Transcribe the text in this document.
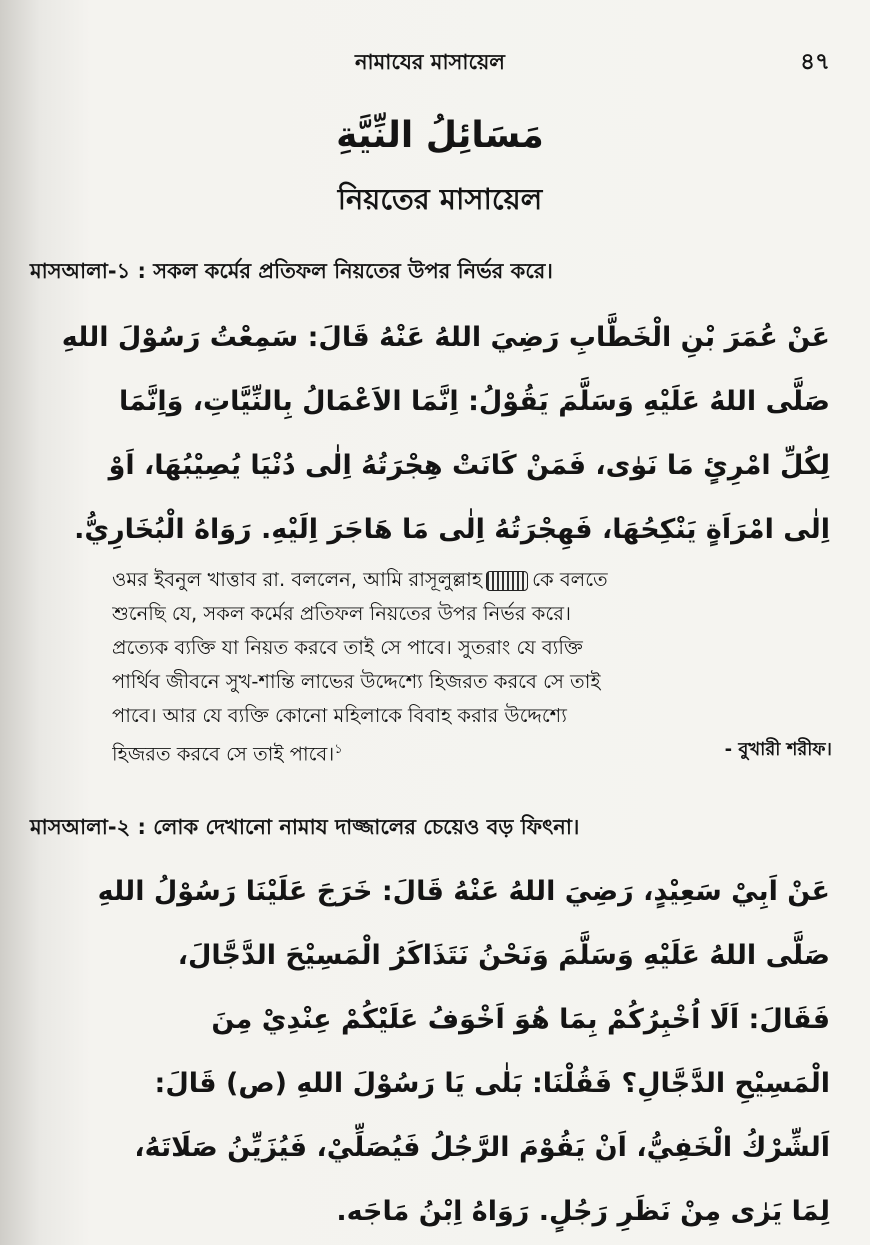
নামাযের মাসায়েল	৪৭
مَسَائِلُ النِّيَّةِ
নিয়তের মাসায়েল
মাসআলা-১ : সকল কর্মের প্রতিফল নিয়তের উপর নির্ভর করে।
عَنْ عُمَرَ بْنِ الْخَطَّابِ رَضِيَ اللهُ عَنْهُ قَالَ: سَمِعْتُ رَسُوْلَ اللهِ
صَلَّى اللهُ عَلَيْهِ وَسَلَّمَ يَقُوْلُ: اِنَّمَا الاَعْمَالُ بِالنِّيَّاتِ، وَاِنَّمَا
لِكُلِّ امْرِئٍ مَا نَوٰى، فَمَنْ كَانَتْ هِجْرَتُهُ اِلٰى دُنْيَا يُصِيْبُهَا، اَوْ
اِلٰى امْرَاَةٍ يَنْكِحُهَا، فَهِجْرَتُهُ اِلٰى مَا هَاجَرَ اِلَيْهِ. رَوَاهُ الْبُخَارِيُّ.
ওমর ইবনুল খাত্তাব রা. বললেন, আমি রাসূলুল্লাহ	কে বলতে
শুনেছি যে, সকল কর্মের প্রতিফল নিয়তের উপর নির্ভর করে।
প্রত্যেক ব্যক্তি যা নিয়ত করবে তাই সে পাবে। সুতরাং যে ব্যক্তি
পার্থিব জীবনে সুখ-শান্তি লাভের উদ্দেশ্যে হিজরত করবে সে তাই
পাবে। আর যে ব্যক্তি কোনো মহিলাকে বিবাহ করার উদ্দেশ্যে
হিজরত করবে সে তাই পাবে।$^১$	- বুখারী শরীফ।
মাসআলা-২ : লোক দেখানো নামায দাজ্জালের চেয়েও বড় ফিৎনা।
عَنْ اَبِيْ سَعِيْدٍ، رَضِيَ اللهُ عَنْهُ قَالَ: خَرَجَ عَلَيْنَا رَسُوْلُ اللهِ
صَلَّى اللهُ عَلَيْهِ وَسَلَّمَ وَنَحْنُ نَتَذَاكَرُ الْمَسِيْحَ الدَّجَّالَ،
فَقَالَ: اَلَا اُخْبِرُكُمْ بِمَا هُوَ اَخْوَفُ عَلَيْكُمْ عِنْدِيْ مِنَ
الْمَسِيْحِ الدَّجَّالِ؟ فَقُلْنَا: بَلٰى يَا رَسُوْلَ اللهِ (ص) قَالَ:
اَلشِّرْكُ الْخَفِيُّ، اَنْ يَقُوْمَ الرَّجُلُ فَيُصَلِّيْ، فَيُزَيِّنُ صَلَاتَهُ،
لِمَا يَرٰى مِنْ نَظَرِ رَجُلٍ. رَوَاهُ اِبْنُ مَاجَه.
